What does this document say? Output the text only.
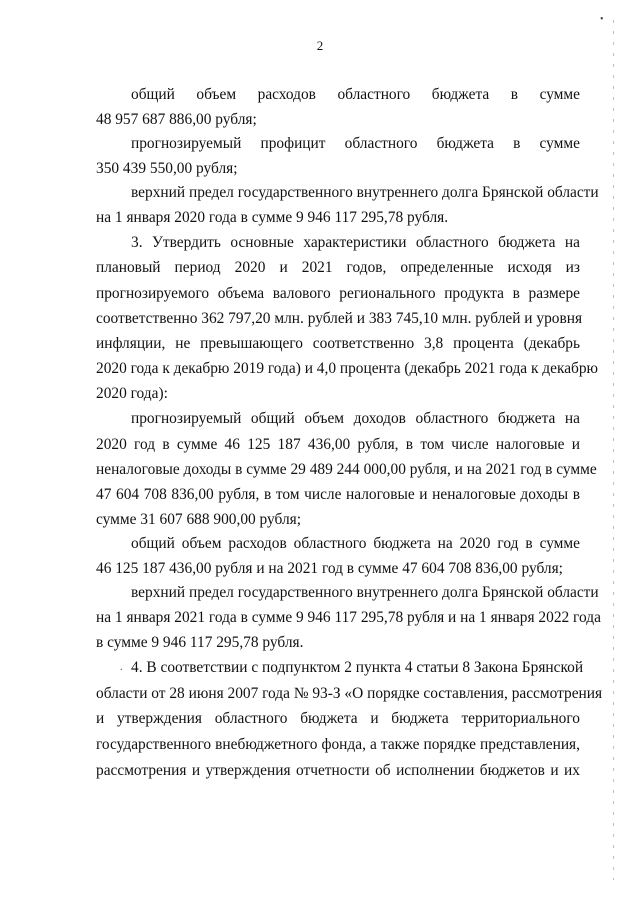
2
общий объем расходов областного бюджета в сумме
48 957 687 886,00 рубля;
прогнозируемый профицит областного бюджета в сумме
350 439 550,00 рубля;
верхний предел государственного внутреннего долга Брянской области
на 1 января 2020 года в сумме 9 946 117 295,78 рубля.
3. Утвердить основные характеристики областного бюджета на
плановый период 2020 и 2021 годов, определенные исходя из
прогнозируемого объема валового регионального продукта в размере
соответственно 362 797,20 млн. рублей и 383 745,10 млн. рублей и уровня
инфляции, не превышающего соответственно 3,8 процента (декабрь
2020 года к декабрю 2019 года) и 4,0 процента (декабрь 2021 года к декабрю
2020 года):
прогнозируемый общий объем доходов областного бюджета на
2020 год в сумме 46 125 187 436,00 рубля, в том числе налоговые и
неналоговые доходы в сумме 29 489 244 000,00 рубля, и на 2021 год в сумме
47 604 708 836,00 рубля, в том числе налоговые и неналоговые доходы в
сумме 31 607 688 900,00 рубля;
общий объем расходов областного бюджета на 2020 год в сумме
46 125 187 436,00 рубля и на 2021 год в сумме 47 604 708 836,00 рубля;
верхний предел государственного внутреннего долга Брянской области
на 1 января 2021 года в сумме 9 946 117 295,78 рубля и на 1 января 2022 года
в сумме 9 946 117 295,78 рубля.
4. В соответствии с подпунктом 2 пункта 4 статьи 8 Закона Брянской
области от 28 июня 2007 года № 93-З «О порядке составления, рассмотрения
и утверждения областного бюджета и бюджета территориального
государственного внебюджетного фонда, а также порядке представления,
рассмотрения и утверждения отчетности об исполнении бюджетов и их
•
.
